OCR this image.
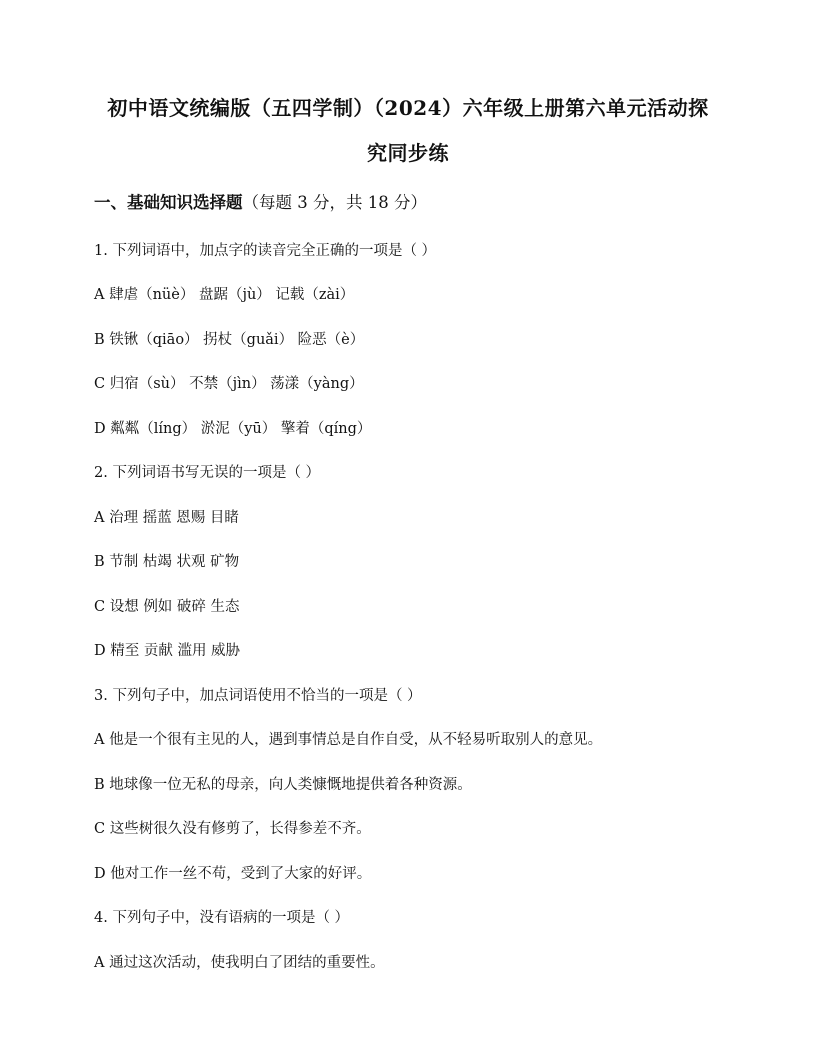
初中语文统编版（五四学制）（2024）六年级上册第六单元活动探
究同步练
一、基础知识选择题（每题 3 分，共 18 分）
1. 下列词语中，加点字的读音完全正确的一项是（ ）
A 肆虐（nüè） 盘踞（jù） 记载（zài）
B 铁锹（qiāo） 拐杖（guǎi） 险恶（è）
C 归宿（sù） 不禁（jìn） 荡漾（yàng）
D 粼粼（líng） 淤泥（yū） 擎着（qíng）
2. 下列词语书写无误的一项是（ ）
A 治理 摇蓝 恩赐 目睹
B 节制 枯竭 状观 矿物
C 设想 例如 破碎 生态
D 精至 贡献 滥用 威胁
3. 下列句子中，加点词语使用不恰当的一项是（ ）
A 他是一个很有主见的人，遇到事情总是自作自受，从不轻易听取别人的意见。
B 地球像一位无私的母亲，向人类慷慨地提供着各种资源。
C 这些树很久没有修剪了，长得参差不齐。
D 他对工作一丝不苟，受到了大家的好评。
4. 下列句子中，没有语病的一项是（ ）
A 通过这次活动，使我明白了团结的重要性。
